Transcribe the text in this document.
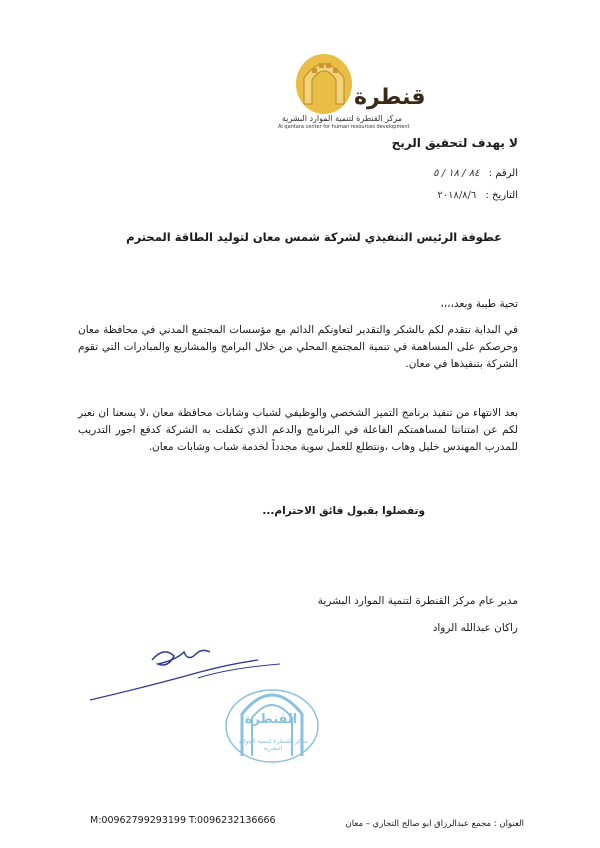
قنطرة
مركز القنطرة لتنمية الموارد البشرية
Al qantara center for human resources development
لا يهدف لتحقيق الربح
الرقم : ٨٤ / ١٨ / ٥
التاريخ : ٢٠١٨/٨/٦
عطوفة الرئيس التنفيذي لشركة شمس معان لتوليد الطاقة المحترم
تحية طيبة وبعد،،،،
في البداية نتقدم لكم بالشكر والتقدير لتعاونكم الدائم مع مؤسسات المجتمع المدني في محافظة معان وحرصكم على المساهمة في تنمية المجتمع المحلي من خلال البرامج والمشاريع والمبادرات التي تقوم الشركة بتنفيذها في معان.
بعد الانتهاء من تنفيذ برنامج التميز الشخصي والوظيفي لشباب وشابات محافظة معان ،لا يسعنا ان نعبر لكم عن امتناننا لمساهمتكم الفاعلة في البرنامج والدعم الذي تكفلت به الشركة كدفع اجور التدريب للمدرب المهندس خليل وهاب ،ونتطلع للعمل سوية مجدداً لخدمة شباب وشابات معان.
وتفضلوا بقبول فائق الاحترام...
مدير عام مركز القنطرة لتنمية الموارد البشرية
راكان عبدالله الرواد
القنطرة
مركز القنطرة لتنمية الموارد البشرية
M:00962799293199 T:0096232136666	العنوان : مجمع عبدالرزاق ابو صالح التجاري – معان
